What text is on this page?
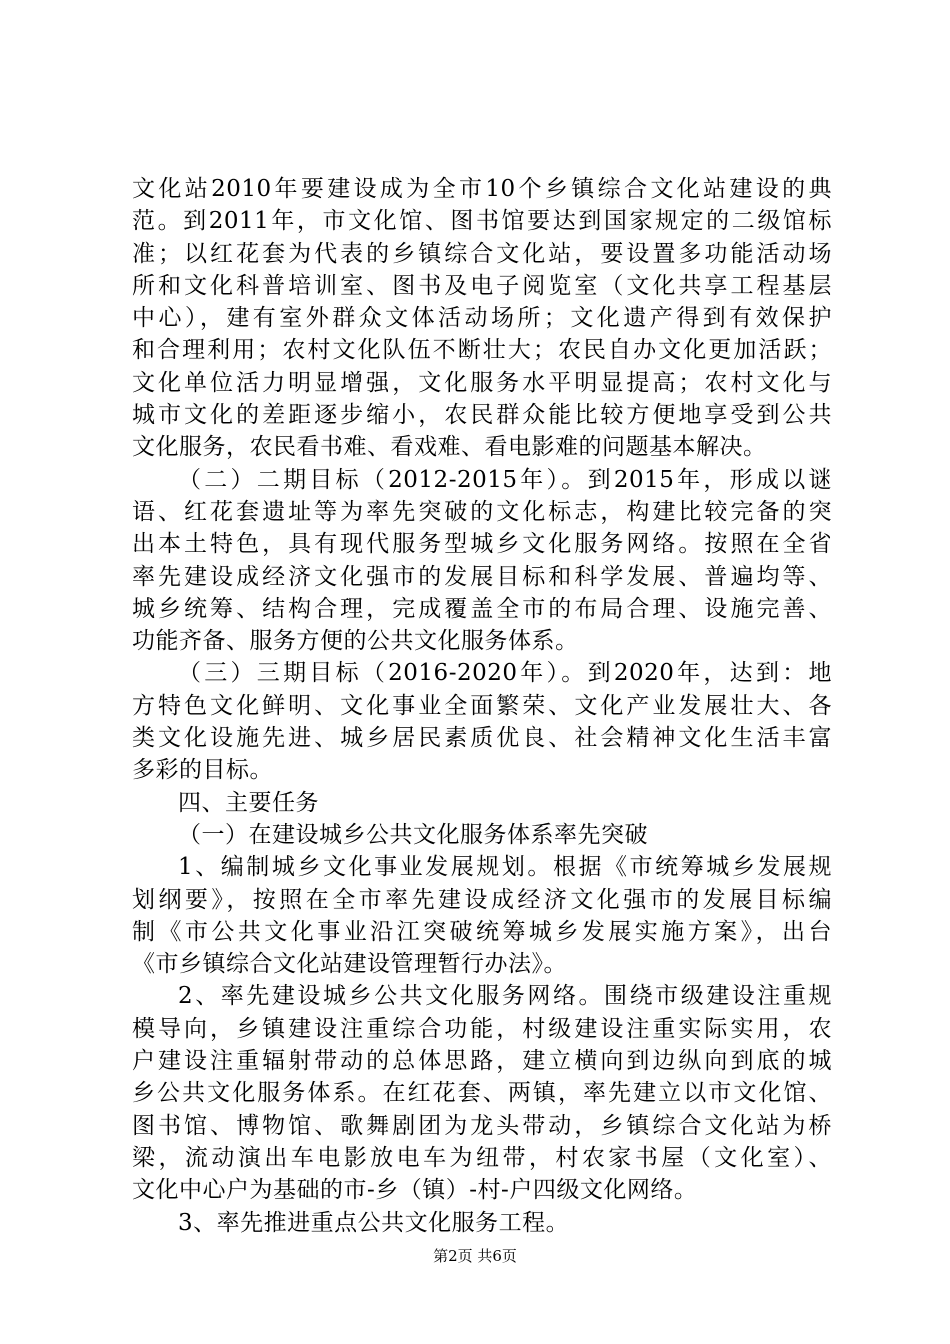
文化站2010年要建设成为全市10个乡镇综合文化站建设的典
范。到2011年，市文化馆、图书馆要达到国家规定的二级馆标
准；以红花套为代表的乡镇综合文化站，要设置多功能活动场
所和文化科普培训室、图书及电子阅览室（文化共享工程基层
中心），建有室外群众文体活动场所；文化遗产得到有效保护
和合理利用；农村文化队伍不断壮大；农民自办文化更加活跃；
文化单位活力明显增强，文化服务水平明显提高；农村文化与
城市文化的差距逐步缩小，农民群众能比较方便地享受到公共
文化服务，农民看书难、看戏难、看电影难的问题基本解决。
（二）二期目标（2012-2015年）。到2015年，形成以谜
语、红花套遗址等为率先突破的文化标志，构建比较完备的突
出本土特色，具有现代服务型城乡文化服务网络。按照在全省
率先建设成经济文化强市的发展目标和科学发展、普遍均等、
城乡统筹、结构合理，完成覆盖全市的布局合理、设施完善、
功能齐备、服务方便的公共文化服务体系。
（三）三期目标（2016-2020年）。到2020年，达到：地
方特色文化鲜明、文化事业全面繁荣、文化产业发展壮大、各
类文化设施先进、城乡居民素质优良、社会精神文化生活丰富
多彩的目标。
四、主要任务
（一）在建设城乡公共文化服务体系率先突破
1、编制城乡文化事业发展规划。根据《市统筹城乡发展规
划纲要》，按照在全市率先建设成经济文化强市的发展目标编
制《市公共文化事业沿江突破统筹城乡发展实施方案》，出台
《市乡镇综合文化站建设管理暂行办法》。
2、率先建设城乡公共文化服务网络。围绕市级建设注重规
模导向，乡镇建设注重综合功能，村级建设注重实际实用，农
户建设注重辐射带动的总体思路，建立横向到边纵向到底的城
乡公共文化服务体系。在红花套、两镇，率先建立以市文化馆、
图书馆、博物馆、歌舞剧团为龙头带动，乡镇综合文化站为桥
梁，流动演出车电影放电车为纽带，村农家书屋（文化室）、
文化中心户为基础的市-乡（镇）-村-户四级文化网络。
3、率先推进重点公共文化服务工程。
第2页 共6页
